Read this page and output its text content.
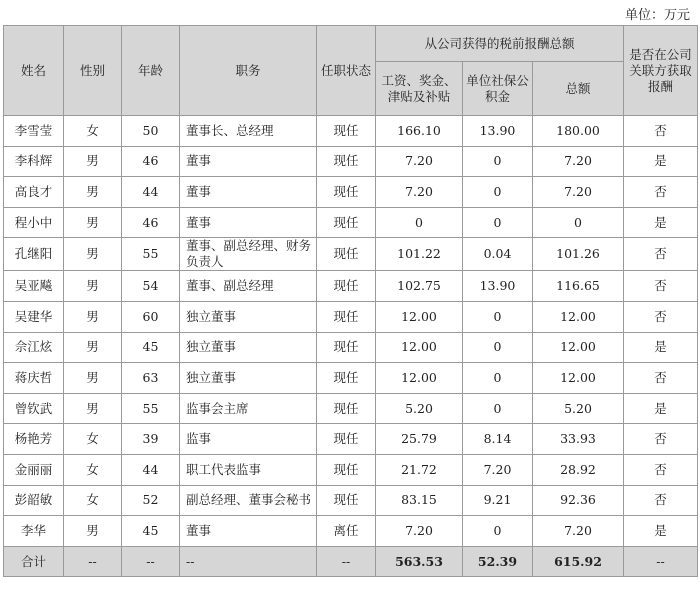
单位：万元
姓名	性别	年龄	职务	任职状态	从公司获得的税前报酬总额			是否在公司关联方获取报酬
					工资、奖金、津贴及补贴	单位社保公积金	总额	
李雪莹	女	50	董事长、总经理	现任	166.10	13.90	180.00	否
李科辉	男	46	董事	现任	7.20	0	7.20	是
高良才	男	44	董事	现任	7.20	0	7.20	否
程小中	男	46	董事	现任	0	0	0	是
孔继阳	男	55	董事、副总经理、财务负责人	现任	101.22	0.04	101.26	否
吴亚飚	男	54	董事、副总经理	现任	102.75	13.90	116.65	否
吴建华	男	60	独立董事	现任	12.00	0	12.00	否
佘江炫	男	45	独立董事	现任	12.00	0	12.00	是
蒋庆哲	男	63	独立董事	现任	12.00	0	12.00	否
曾钦武	男	55	监事会主席	现任	5.20	0	5.20	是
杨艳芳	女	39	监事	现任	25.79	8.14	33.93	否
金丽丽	女	44	职工代表监事	现任	21.72	7.20	28.92	否
彭韶敏	女	52	副总经理、董事会秘书	现任	83.15	9.21	92.36	否
李华	男	45	董事	离任	7.20	0	7.20	是
合计	--	--	--	--	563.53	52.39	615.92	--
